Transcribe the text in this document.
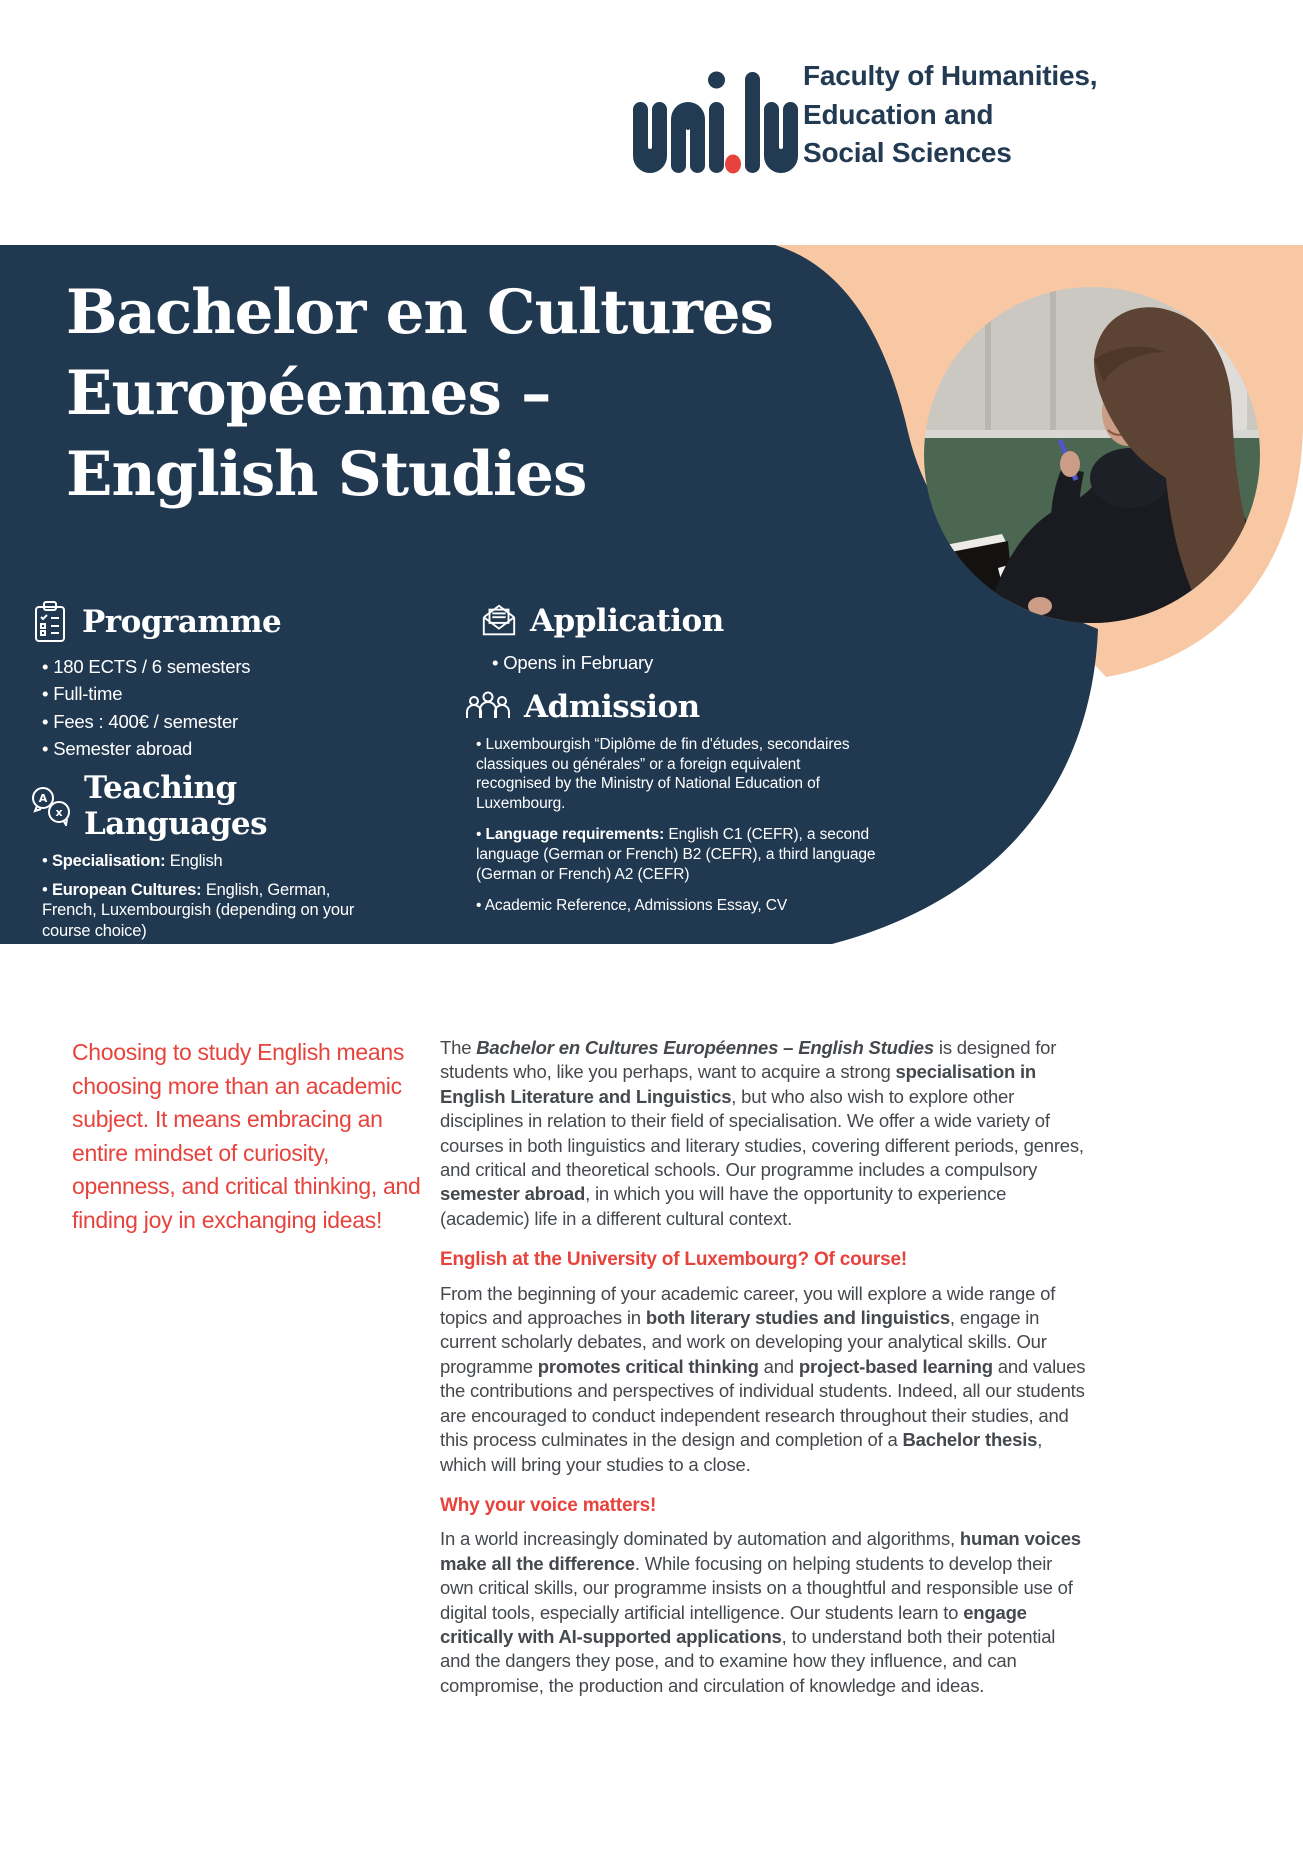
Faculty of Humanities,
Education and
Social Sciences
Bachelor en Cultures
Européennes –
English Studies
Programme
• 180 ECTS / 6 semesters
• Full-time
• Fees : 400€ / semester
• Semester abroad
A
x
Teaching Languages
• Specialisation: English
• European Cultures: English, German, French, Luxembourgish (depending on your course choice)
Application
• Opens in February
Admission
• Luxembourgish “Diplôme de fin d'études, secondaires classiques ou générales” or a foreign equivalent recognised by the Ministry of National Education of Luxembourg.
• Language requirements: English C1 (CEFR), a second language (German or French) B2 (CEFR), a third language (German or French) A2 (CEFR)
• Academic Reference, Admissions Essay, CV
Choosing to study English means choosing more than an academic subject. It means embracing an entire mindset of curiosity, openness, and critical thinking, and finding joy in exchanging ideas!

The Bachelor en Cultures Européennes – English Studies is designed for students who, like you perhaps, want to acquire a strong specialisation in English Literature and Linguistics, but who also wish to explore other disciplines in relation to their field of specialisation. We offer a wide variety of courses in both linguistics and literary studies, covering different periods, genres, and critical and theoretical schools. Our programme includes a compulsory semester abroad, in which you will have the opportunity to experience (academic) life in a different cultural context.

English at the University of Luxembourg? Of course!

From the beginning of your academic career, you will explore a wide range of topics and approaches in both literary studies and linguistics, engage in current scholarly debates, and work on developing your analytical skills. Our programme promotes critical thinking and project-based learning and values the contributions and perspectives of individual students. Indeed, all our students are encouraged to conduct independent research throughout their studies, and this process culminates in the design and completion of a Bachelor thesis, which will bring your studies to a close.

Why your voice matters!

In a world increasingly dominated by automation and algorithms, human voices make all the difference. While focusing on helping students to develop their own critical skills, our programme insists on a thoughtful and responsible use of digital tools, especially artificial intelligence. Our students learn to engage critically with AI-supported applications, to understand both their potential and the dangers they pose, and to examine how they influence, and can compromise, the production and circulation of knowledge and ideas.
